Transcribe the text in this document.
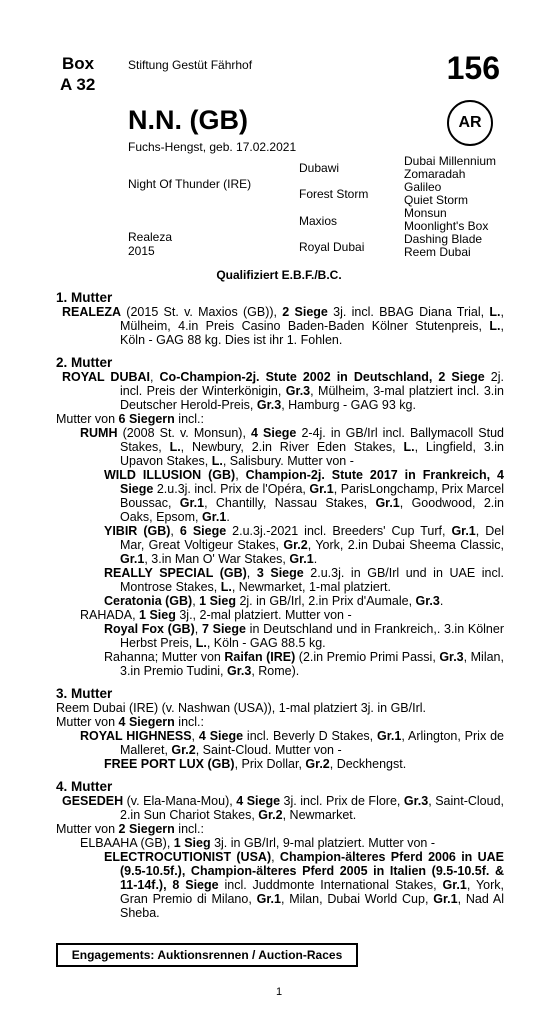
Box
A 32
Stiftung Gestüt Fährhof	156
AR
N.N. (GB)
Fuchs-Hengst, geb. 17.02.2021
Night Of Thunder (IRE)
Realeza
2015
Dubawi
Forest Storm
Maxios
Royal Dubai
Dubai Millennium
Zomaradah
Galileo
Quiet Storm
Monsun
Moonlight's Box
Dashing Blade
Reem Dubai
Qualifiziert E.B.F./B.C.
1. Mutter
REALEZA (2015 St. v. Maxios (GB)), 2 Siege 3j. incl. BBAG Diana Trial, L., Mülheim, 4.in Preis Casino Baden-Baden Kölner Stutenpreis, L., Köln - GAG 88 kg. Dies ist ihr 1. Fohlen.
2. Mutter
ROYAL DUBAI, Co-Champion-2j. Stute 2002 in Deutschland, 2 Siege 2j. incl. Preis der Winterkönigin, Gr.3, Mülheim, 3-mal platziert incl. 3.in Deutscher Herold-Preis, Gr.3, Hamburg - GAG 93 kg.
Mutter von 6 Siegern incl.:
RUMH (2008 St. v. Monsun), 4 Siege 2-4j. in GB/Irl incl. Ballymacoll Stud Stakes, L., Newbury, 2.in River Eden Stakes, L., Lingfield, 3.in Upavon Stakes, L., Salisbury. Mutter von -
WILD ILLUSION (GB), Champion-2j. Stute 2017 in Frankreich, 4 Siege 2.u.3j. incl. Prix de l'Opéra, Gr.1, ParisLongchamp, Prix Marcel Boussac, Gr.1, Chantilly, Nassau Stakes, Gr.1, Goodwood, 2.in Oaks, Epsom, Gr.1.
YIBIR (GB), 6 Siege 2.u.3j.-2021 incl. Breeders' Cup Turf, Gr.1, Del Mar, Great Voltigeur Stakes, Gr.2, York, 2.in Dubai Sheema Classic, Gr.1, 3.in Man O' War Stakes, Gr.1.
REALLY SPECIAL (GB), 3 Siege 2.u.3j. in GB/Irl und in UAE incl. Montrose Stakes, L., Newmarket, 1-mal platziert.
Ceratonia (GB), 1 Sieg 2j. in GB/Irl, 2.in Prix d'Aumale, Gr.3.
RAHADA, 1 Sieg 3j., 2-mal platziert. Mutter von -
Royal Fox (GB), 7 Siege in Deutschland und in Frankreich,. 3.in Kölner Herbst Preis, L., Köln - GAG 88.5 kg.
Rahanna; Mutter von Raifan (IRE) (2.in Premio Primi Passi, Gr.3, Milan, 3.in Premio Tudini, Gr.3, Rome).
3. Mutter
Reem Dubai (IRE) (v. Nashwan (USA)), 1-mal platziert 3j. in GB/Irl.
Mutter von 4 Siegern incl.:
ROYAL HIGHNESS, 4 Siege incl. Beverly D Stakes, Gr.1, Arlington, Prix de Malleret, Gr.2, Saint-Cloud. Mutter von -
FREE PORT LUX (GB), Prix Dollar, Gr.2, Deckhengst.
4. Mutter
GESEDEH (v. Ela-Mana-Mou), 4 Siege 3j. incl. Prix de Flore, Gr.3, Saint-Cloud, 2.in Sun Chariot Stakes, Gr.2, Newmarket.
Mutter von 2 Siegern incl.:
ELBAAHA (GB), 1 Sieg 3j. in GB/Irl, 9-mal platziert. Mutter von -
ELECTROCUTIONIST (USA), Champion-älteres Pferd 2006 in UAE (9.5-10.5f.), Champion-älteres Pferd 2005 in Italien (9.5-10.5f. & 11-14f.), 8 Siege incl. Juddmonte International Stakes, Gr.1, York, Gran Premio di Milano, Gr.1, Milan, Dubai World Cup, Gr.1, Nad Al Sheba.
Engagements: Auktionsrennen / Auction-Races
1
